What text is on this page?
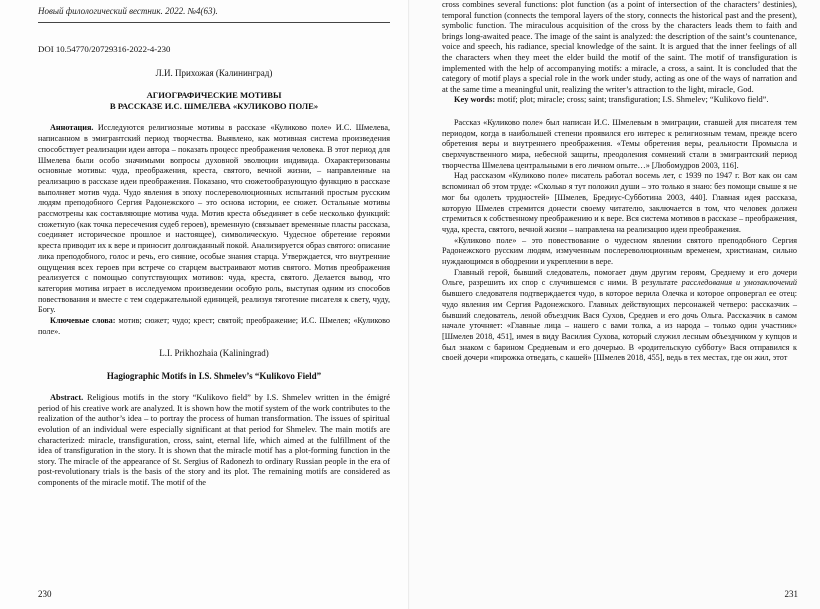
Новый филологический вестник. 2022. №4(63).

DOI 10.54770/20729316-2022-4-230

Л.И. Прихожая (Калининград)

АГИОГРАФИЧЕСКИЕ МОТИВЫ
В РАССКАЗЕ И.С. ШМЕЛЕВА «КУЛИКОВО ПОЛЕ»

Аннотация. Исследуются религиозные мотивы в рассказе «Куликово поле» И.С. Шмелева, написанном в эмигрантский период творчества. Выявлено, как мотивная система произведения способствует реализации идеи автора – показать процесс преображения человека. В этот период для Шмелева были особо значимыми вопросы духовной эволюции индивида. Охарактеризованы основные мотивы: чуда, преображения, креста, святого, вечной жизни, – направленные на реализацию в рассказе идеи преображения. Показано, что сюжетообразующую функцию в рассказе выполняет мотив чуда. Чудо явления в эпоху послереволюционных испытаний простым русским людям преподобного Сергия Радонежского – это основа истории, ее сюжет. Остальные мотивы рассмотрены как составляющие мотива чуда. Мотив креста объединяет в себе несколько функций: сюжетную (как точка пересечения судеб героев), временную (связывает временные пласты рассказа, соединяет историческое прошлое и настоящее), символическую. Чудесное обретение героями креста приводит их к вере и приносит долгожданный покой. Анализируется образ святого: описание лика преподобного, голос и речь, его сияние, особые знания старца. Утверждается, что внутренние ощущения всех героев при встрече со старцем выстраивают мотив святого. Мотив преображения реализуется с помощью сопутствующих мотивов: чуда, креста, святого. Делается вывод, что категория мотива играет в исследуемом произведении особую роль, выступая одним из способов повествования и вместе с тем содержательной единицей, реализуя тяготение писателя к свету, чуду, Богу.

Ключевые слова: мотив; сюжет; чудо; крест; святой; преображение; И.С. Шмелев; «Куликово поле».

L.I. Prikhozhaia (Kaliningrad)

Hagiographic Motifs in I.S. Shmelev’s “Kulikovo Field”

Abstract. Religious motifs in the story “Kulikovo field” by I.S. Shmelev written in the émigré period of his creative work are analyzed. It is shown how the motif system of the work contributes to the realization of the author’s idea – to portray the process of human transformation. The issues of spiritual evolution of an individual were especially significant at that period for Shmelev. The main motifs are characterized: miracle, transfiguration, cross, saint, eternal life, which aimed at the fulfillment of the idea of transfiguration in the story. It is shown that the miracle motif has a plot-forming function in the story. The miracle of the appearance of St. Sergius of Radonezh to ordinary Russian people in the era of post-revolutionary trials is the basis of the story and its plot. The remaining motifs are considered as components of the miracle motif. The motif of the

230

cross combines several functions: plot function (as a point of intersection of the characters’ destinies), temporal function (connects the temporal layers of the story, connects the historical past and the present), symbolic function. The miraculous acquisition of the cross by the characters leads them to faith and brings long-awaited peace. The image of the saint is analyzed: the description of the saint’s countenance, voice and speech, his radiance, special knowledge of the saint. It is argued that the inner feelings of all the characters when they meet the elder build the motif of the saint. The motif of transfiguration is implemented with the help of accompanying motifs: a miracle, a cross, a saint. It is concluded that the category of motif plays a special role in the work under study, acting as one of the ways of narration and at the same time a meaningful unit, realizing the writer’s attraction to the light, miracle, God.

Key words: motif; plot; miracle; cross; saint; transfiguration; I.S. Shmelev; “Kulikovo field”.

Рассказ «Куликово поле» был написан И.С. Шмелевым в эмиграции, ставшей для писателя тем периодом, когда в наибольшей степени проявился его интерес к религиозным темам, прежде всего обретения веры и внутреннего преображения. «Темы обретения веры, реальности Промысла и сверхчувственного мира, небесной защиты, преодоления сомнений стали в эмигрантский период творчества Шмелева центральными в его личном опыте…» [Любомудров 2003, 116].

Над рассказом «Куликово поле» писатель работал восемь лет, с 1939 по 1947 г. Вот как он сам вспоминал об этом труде: «Сколько я тут положил души – это только я знаю: без помощи свыше я не мог бы одолеть трудностей» [Шмелев, Бредиус-Субботина 2003, 440]. Главная идея рассказа, которую Шмелев стремится донести своему читателю, заключается в том, что человек должен стремиться к собственному преображению и к вере. Вся система мотивов в рассказе – преображения, чуда, креста, святого, вечной жизни – направлена на реализацию идеи преображения.

«Куликово поле» – это повествование о чудесном явлении святого преподобного Сергия Радонежского русским людям, измученным послереволюционным временем, христианам, сильно нуждающимся в ободрении и укреплении в вере.

Главный герой, бывший следователь, помогает двум другим героям, Среднему и его дочери Ольге, разрешить их спор с случившемся с ними. В результате расследования и умозаключений бывшего следователя подтверждается чудо, в которое верила Олечка и которое опровергал ее отец: чудо явления им Сергия Радонежского. Главных действующих персонажей четверо: рассказчик – бывший следователь, леной объездчик Вася Сухов, Среднев и его дочь Ольга. Рассказчик в самом начале уточняет: «Главные лица – нашего с вами толка, а из народа – только один участник» [Шмелев 2018, 451], имея в виду Василия Сухова, который служил лесным объездчиком у купцов и был знаком с барином Средневым и его дочерью. В «родительскую субботу» Вася отправился к своей дочери «пирожка отведать, с кашей» [Шмелев 2018, 455], ведь в тех местах, где он жил, этот

231
